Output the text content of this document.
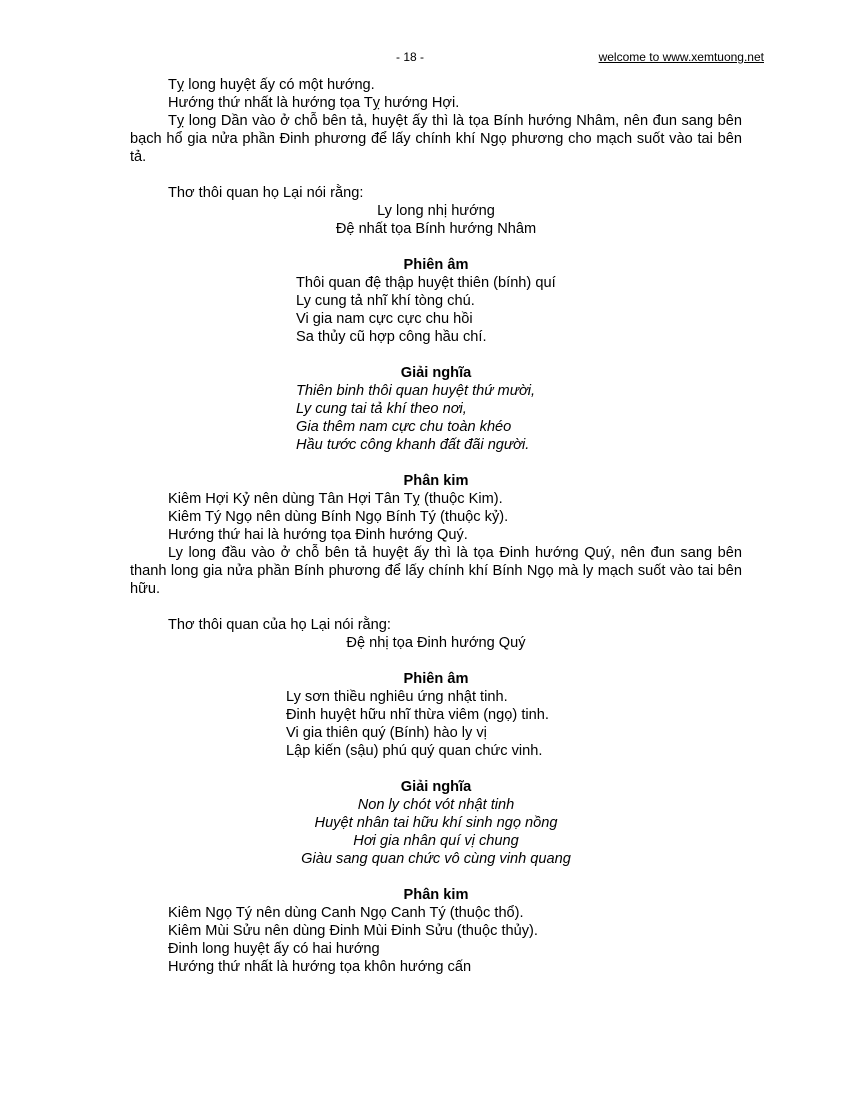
- 18 -	welcome to www.xemtuong.net

Tỵ long huyệt ấy có một hướng.

Hướng thứ nhất là hướng tọa Tỵ hướng Hợi.

Tỵ long Dần vào ở chỗ bên tả, huyệt ấy thì là tọa Bính hướng Nhâm, nên đun sang bên bạch hổ gia nửa phần Đinh phương để lấy chính khí Ngọ phương cho mạch suốt vào tai bên tả.

Thơ thôi quan họ Lại nói rằng:

Ly long nhị hướng

Đệ nhất tọa Bính hướng Nhâm

Phiên âm

Thôi quan đệ thập huyệt thiên (bính) quí

Ly cung tả nhĩ khí tòng chú.

Vi gia nam cực cực chu hồi

Sa thủy cũ hợp công hầu chí.

Giải nghĩa

Thiên binh thôi quan huyệt thứ mười,

Ly cung tai tả khí theo nơi,

Gia thêm nam cực chu toàn khéo

Hầu tước công khanh đất đãi người.

Phân kim

Kiêm Hợi Kỷ nên dùng Tân Hợi Tân Tỵ (thuộc Kim).

Kiêm Tý Ngọ nên dùng Bính Ngọ Bính Tý (thuộc kỷ).

Hướng thứ hai là hướng tọa Đinh hướng Quý.

Ly long đầu vào ở chỗ bên tả huyệt ấy thì là tọa Đinh hướng Quý, nên đun sang bên thanh long gia nửa phần Bính phương để lấy chính khí Bính Ngọ mà ly mạch suốt vào tai bên hữu.

Thơ thôi quan của họ Lại nói rằng:

Đệ nhị tọa Đinh hướng Quý

Phiên âm

Ly sơn thiều nghiêu ứng nhật tinh.

Đinh huyệt hữu nhĩ thừa viêm (ngọ) tinh.

Vi gia thiên quý (Bính) hào ly vị

Lập kiến (sậu) phú quý quan chức vinh.

Giải nghĩa

Non ly chót vót nhật tinh

Huyệt nhân tai hữu khí sinh ngọ nồng

Hơi gia nhân quí vị chung

Giàu sang quan chức vô cùng vinh quang

Phân kim

Kiêm Ngọ Tý nên dùng Canh Ngọ Canh Tý (thuộc thổ).

Kiêm Mùi Sửu nên dùng Đinh Mùi Đinh Sửu (thuộc thủy).

Đinh long huyệt ấy có hai hướng

Hướng thứ nhất là hướng tọa khôn hướng cấn
